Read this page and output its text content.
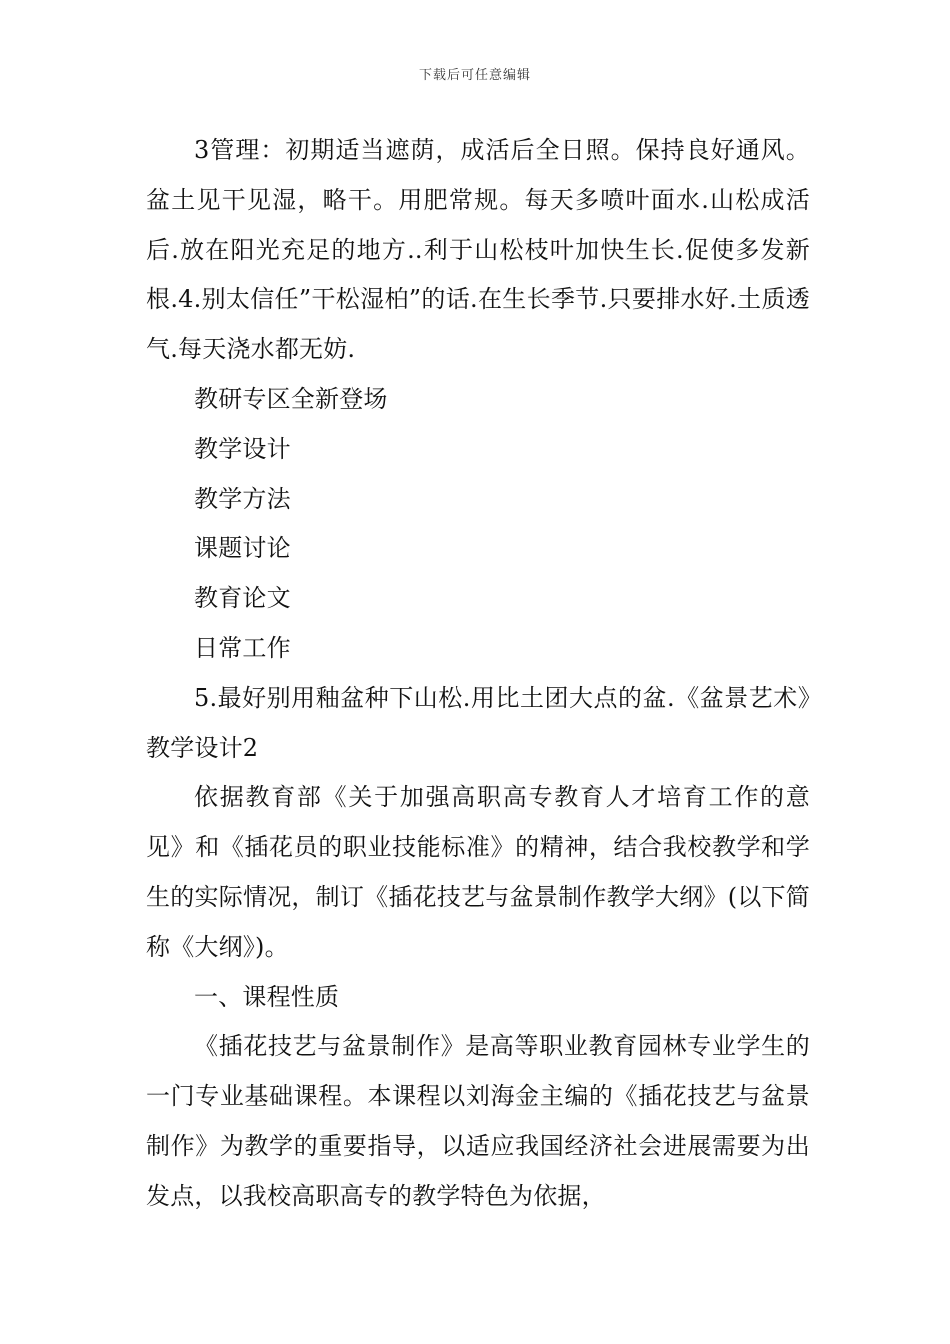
下载后可任意编辑

3管理：初期适当遮荫，成活后全日照。保持良好通风。盆土见干见湿，略干。用肥常规。每天多喷叶面水.山松成活后.放在阳光充足的地方..利于山松枝叶加快生长.促使多发新根.4.别太信任”干松湿柏”的话.在生长季节.只要排水好.土质透气.每天浇水都无妨.

教研专区全新登场

教学设计

教学方法

课题讨论

教育论文

日常工作

5.最好别用釉盆种下山松.用比土团大点的盆.《盆景艺术》教学设计2

依据教育部《关于加强高职高专教育人才培育工作的意见》和《插花员的职业技能标准》的精神，结合我校教学和学生的实际情况，制订《插花技艺与盆景制作教学大纲》(以下简称《大纲》)。

一、课程性质

《插花技艺与盆景制作》是高等职业教育园林专业学生的一门专业基础课程。本课程以刘海金主编的《插花技艺与盆景制作》为教学的重要指导，以适应我国经济社会进展需要为出发点，以我校高职高专的教学特色为依据，
